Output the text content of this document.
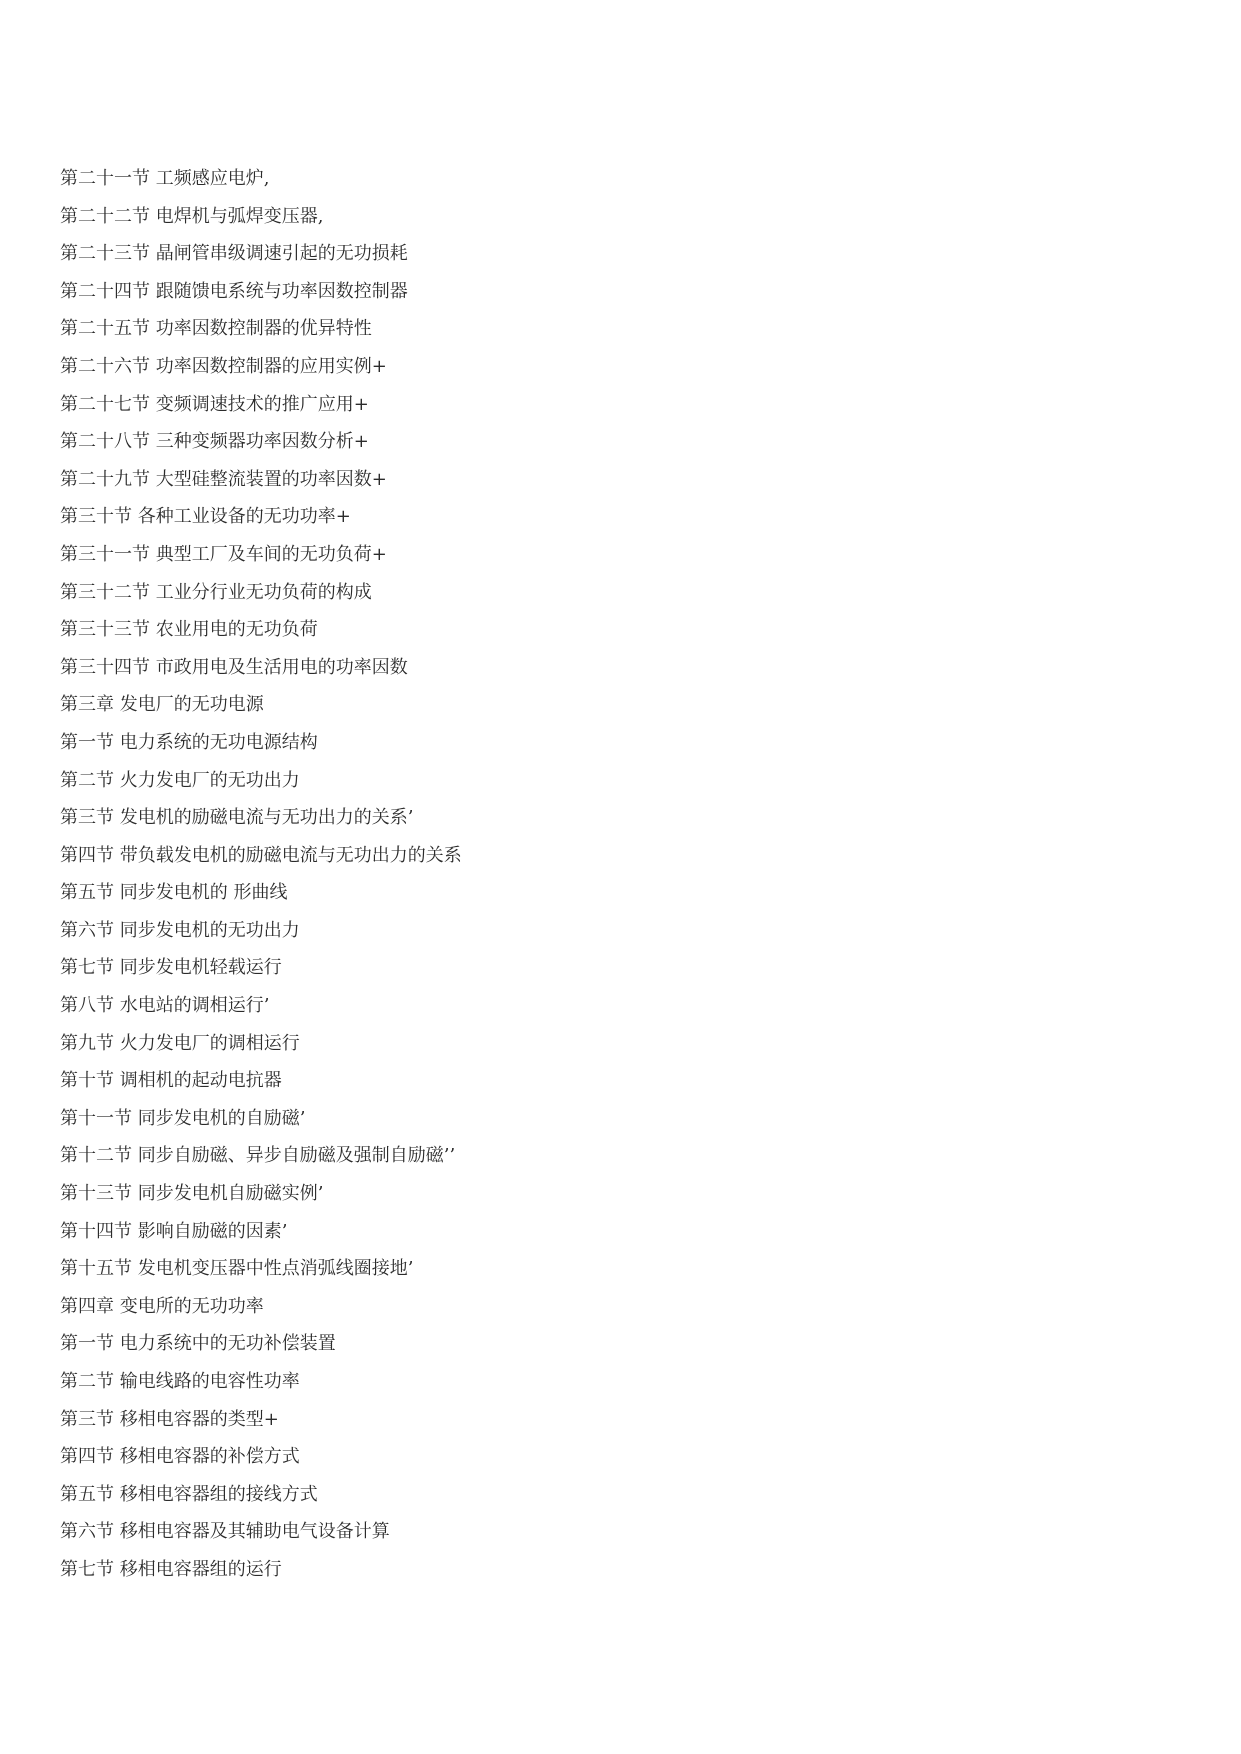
第二十一节 工频感应电炉,
第二十二节 电焊机与弧焊变压器,
第二十三节 晶闸管串级调速引起的无功损耗
第二十四节 跟随馈电系统与功率因数控制器
第二十五节 功率因数控制器的优异特性
第二十六节 功率因数控制器的应用实例+
第二十七节 变频调速技术的推广应用+
第二十八节 三种变频器功率因数分析+
第二十九节 大型硅整流装置的功率因数+
第三十节 各种工业设备的无功功率+
第三十一节 典型工厂及车间的无功负荷+
第三十二节 工业分行业无功负荷的构成
第三十三节 农业用电的无功负荷
第三十四节 市政用电及生活用电的功率因数
第三章 发电厂的无功电源
第一节 电力系统的无功电源结构
第二节 火力发电厂的无功出力
第三节 发电机的励磁电流与无功出力的关系’
第四节 带负载发电机的励磁电流与无功出力的关系
第五节 同步发电机的 形曲线
第六节 同步发电机的无功出力
第七节 同步发电机轻载运行
第八节 水电站的调相运行’
第九节 火力发电厂的调相运行
第十节 调相机的起动电抗器
第十一节 同步发电机的自励磁’
第十二节 同步自励磁、异步自励磁及强制自励磁’’
第十三节 同步发电机自励磁实例’
第十四节 影响自励磁的因素’
第十五节 发电机变压器中性点消弧线圈接地’
第四章 变电所的无功功率
第一节 电力系统中的无功补偿装置
第二节 输电线路的电容性功率
第三节 移相电容器的类型+
第四节 移相电容器的补偿方式
第五节 移相电容器组的接线方式
第六节 移相电容器及其辅助电气设备计算
第七节 移相电容器组的运行
